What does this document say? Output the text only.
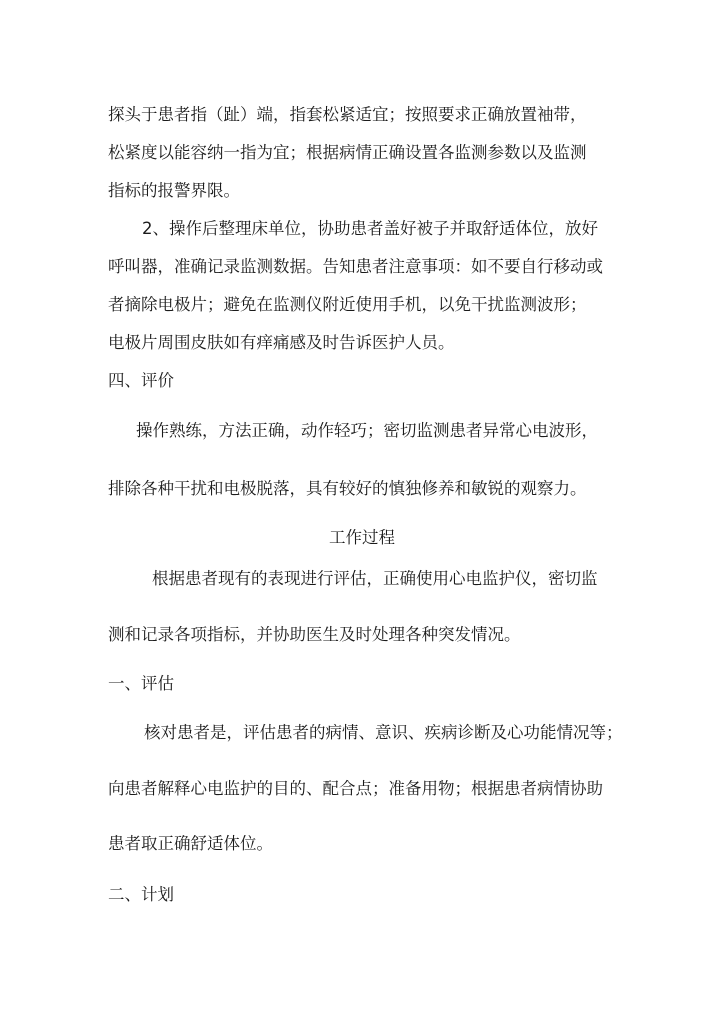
探头于患者指（趾）端，指套松紧适宜；按照要求正确放置袖带，
松紧度以能容纳一指为宜；根据病情正确设置各监测参数以及监测
指标的报警界限。
2、操作后整理床单位，协助患者盖好被子并取舒适体位，放好
呼叫器，准确记录监测数据。告知患者注意事项：如不要自行移动或
者摘除电极片；避免在监测仪附近使用手机，以免干扰监测波形；
电极片周围皮肤如有痒痛感及时告诉医护人员。
四、评价
操作熟练，方法正确，动作轻巧；密切监测患者异常心电波形，
排除各种干扰和电极脱落，具有较好的慎独修养和敏锐的观察力。
工作过程
根据患者现有的表现进行评估，正确使用心电监护仪，密切监
测和记录各项指标，并协助医生及时处理各种突发情况。
一、评估
核对患者是，评估患者的病情、意识、疾病诊断及心功能情况等；
向患者解释心电监护的目的、配合点；准备用物；根据患者病情协助
患者取正确舒适体位。
二、计划
